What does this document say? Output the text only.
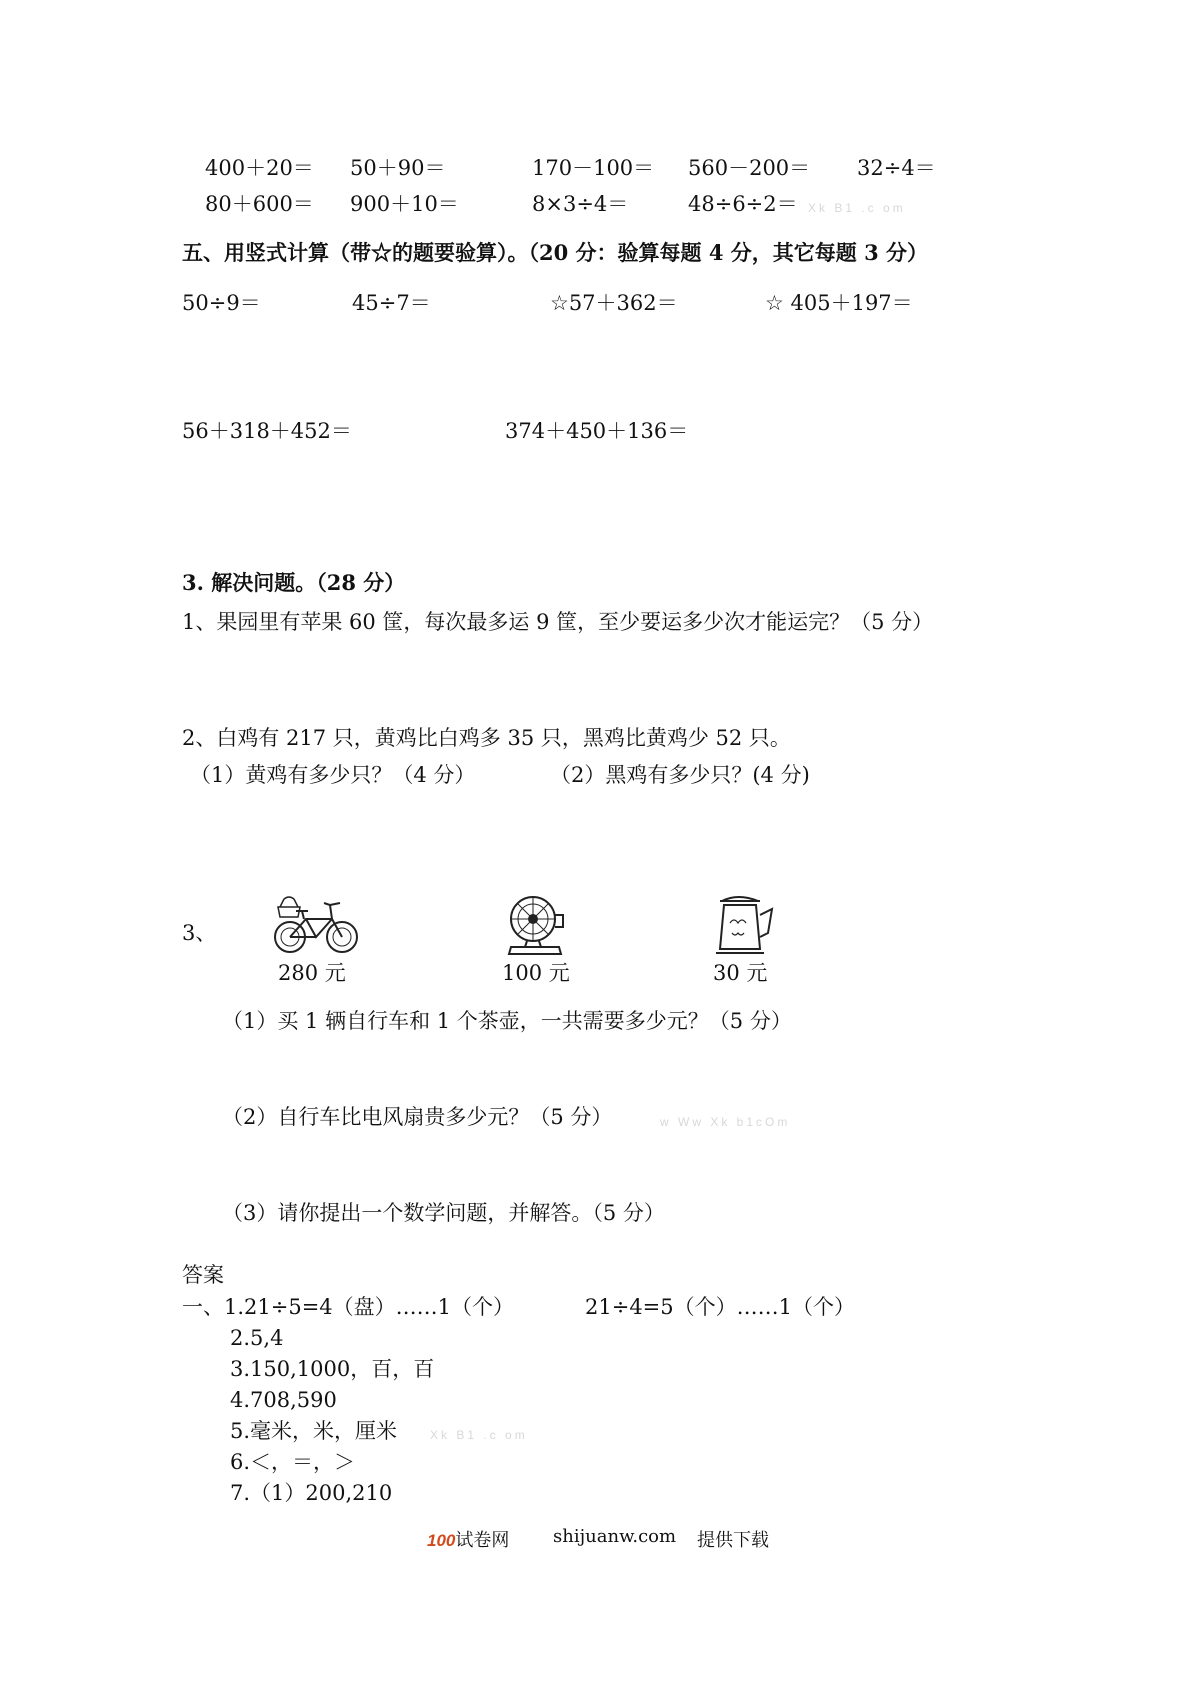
400＋20＝ 50＋90＝	170－100＝ 560－200＝ 32÷4＝
80＋600＝ 900＋10＝	8×3÷4＝	48÷6÷2＝ Xk B1 .c om
五、用竖式计算（带☆的题要验算）。（20 分：验算每题 4 分，其它每题 3 分）
50÷9＝	45÷7＝	☆57＋362＝	☆ 405＋197＝
56＋318＋452＝	374＋450＋136＝
3. 解决问题。（28 分）
1、果园里有苹果 60 筐，每次最多运 9 筐，至少要运多少次才能运完？（5 分）
2、白鸡有 217 只，黄鸡比白鸡多 35 只，黑鸡比黄鸡少 52 只。
（1）黄鸡有多少只？（4 分）	（2）黑鸡有多少只？(4 分)
3、
280 元	100 元	30 元
（1）买 1 辆自行车和 1 个茶壶，一共需要多少元？（5 分）
（2）自行车比电风扇贵多少元？（5 分）	w Ww Xk b1cOm
（3）请你提出一个数学问题，并解答。（5 分）
答案
一、1.21÷5=4（盘）……1（个）	21÷4=5（个）……1（个）
2.5,4
3.150,1000，百，百
4.708,590
5.毫米，米，厘米	Xk B1 .c om
6.＜，＝，＞
7.（1）200,210
100试卷网 shijuanw.com 提供下载
